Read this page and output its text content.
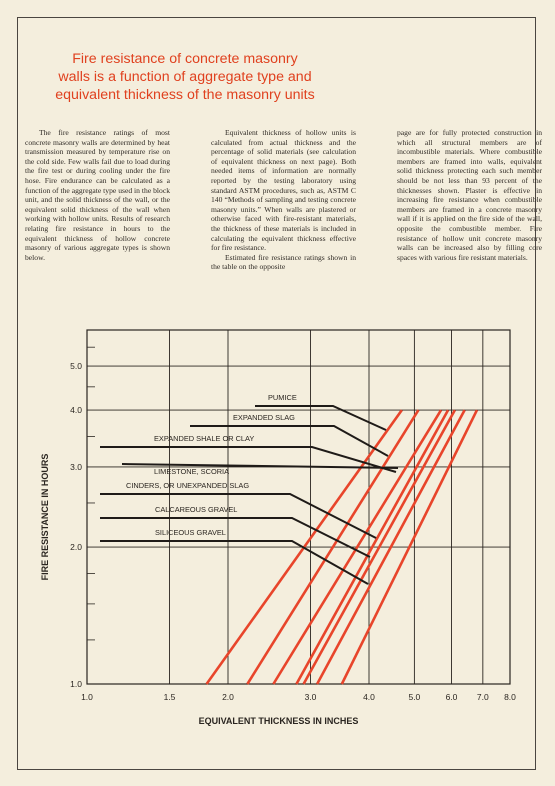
Fire resistance of concrete masonry
walls is a function of aggregate type and
equivalent thickness of the masonry units

The fire resistance ratings of most concrete masonry walls are determined by heat transmission measured by temperature rise on the cold side. Few walls fail due to load during the fire test or during cooling under the fire hose. Fire endurance can be calculated as a function of the aggregate type used in the block unit, and the solid thickness of the wall, or the equivalent solid thickness of the wall when working with hollow units. Results of research relating fire resistance in hours to the equivalent thickness of hollow concrete masonry of various aggregate types is shown below.

Equivalent thickness of hollow units is calculated from actual thickness and the percentage of solid materials (see calculation of equivalent thickness on next page). Both needed items of information are normally reported by the testing laboratory using standard ASTM procedures, such as, ASTM C 140 “Methods of sampling and testing concrete masonry units.” When walls are plastered or otherwise faced with fire-resistant materials, the thickness of these materials is included in calculating the equivalent thickness effective for fire resistance.

Estimated fire resistance ratings shown in the table on the opposite

page are for fully protected construction in which all structural members are of incombustible materials. Where combustible members are framed into walls, equivalent solid thickness protecting each such member should be not less than 93 percent of the thicknesses shown. Plaster is effective in increasing fire resistance when combustible members are framed in a concrete masonry wall if it is applied on the fire side of the wall, opposite the combustible member. Fire resistance of hollow unit concrete masonry walls can be increased also by filling core spaces with various fire resistant materials.

1.0	1.5	2.0	3.0	4.0	5.0	6.0 7.0 8.0
1.0
2.0
3.0
4.0
5.0
EQUIVALENT THICKNESS IN INCHES
FIRE RESISTANCE IN HOURS
PUMICE
EXPANDED SLAG
EXPANDED SHALE OR CLAY
LIMESTONE, SCORIA
CINDERS, OR UNEXPANDED SLAG
CALCAREOUS GRAVEL
SILICEOUS GRAVEL
